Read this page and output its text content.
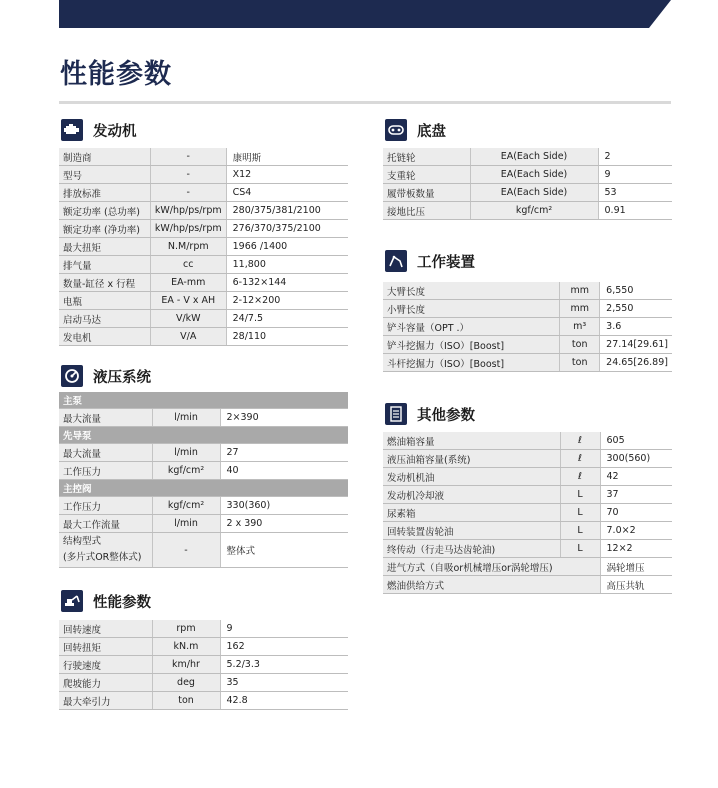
性能参数
发动机
制造商	-	康明斯
型号	-	X12
排放标准	-	CS4
额定功率 (总功率)	kW/hp/ps/rpm	280/375/381/2100
额定功率 (净功率)	kW/hp/ps/rpm	276/370/375/2100
最大扭矩	N.M/rpm	1966 /1400
排气量	cc	11,800
数量-缸径 x 行程	EA-mm	6-132×144
电瓶	EA - V x AH	2-12×200
启动马达	V/kW	24/7.5
发电机	V/A	28/110
液压系统
主泵		
最大流量	l/min	2×390
先导泵		
最大流量	l/min	27
工作压力	kgf/cm²	40
主控阀		
工作压力	kgf/cm²	330(360)
最大工作流量	l/min	2 x 390

结构型式
(多片式OR整体式)	-	整体式
性能参数
回转速度	rpm	9
回转扭矩	kN.m	162
行驶速度	km/hr	5.2/3.3
爬坡能力	deg	35
最大牵引力	ton	42.8
底盘
托链轮	EA(Each Side)	2
支重轮	EA(Each Side)	9
履带板数量	EA(Each Side)	53
接地比压	kgf/cm²	0.91
工作装置
大臂长度	mm	6,550
小臂长度	mm	2,550
铲斗容量（OPT .）	m³	3.6
铲斗挖掘力（ISO）[Boost]	ton	27.14[29.61]
斗杆挖掘力（ISO）[Boost]	ton	24.65[26.89]
其他参数
燃油箱容量	ℓ	605
液压油箱容量(系统)	ℓ	300(560)
发动机机油	ℓ	42
发动机冷却液	L	37
尿素箱	L	70
回转装置齿轮油	L	7.0×2
终传动（行走马达齿轮油)	L	12×2
进气方式（自吸or机械增压or涡轮增压)		涡轮增压
燃油供给方式		高压共轨
